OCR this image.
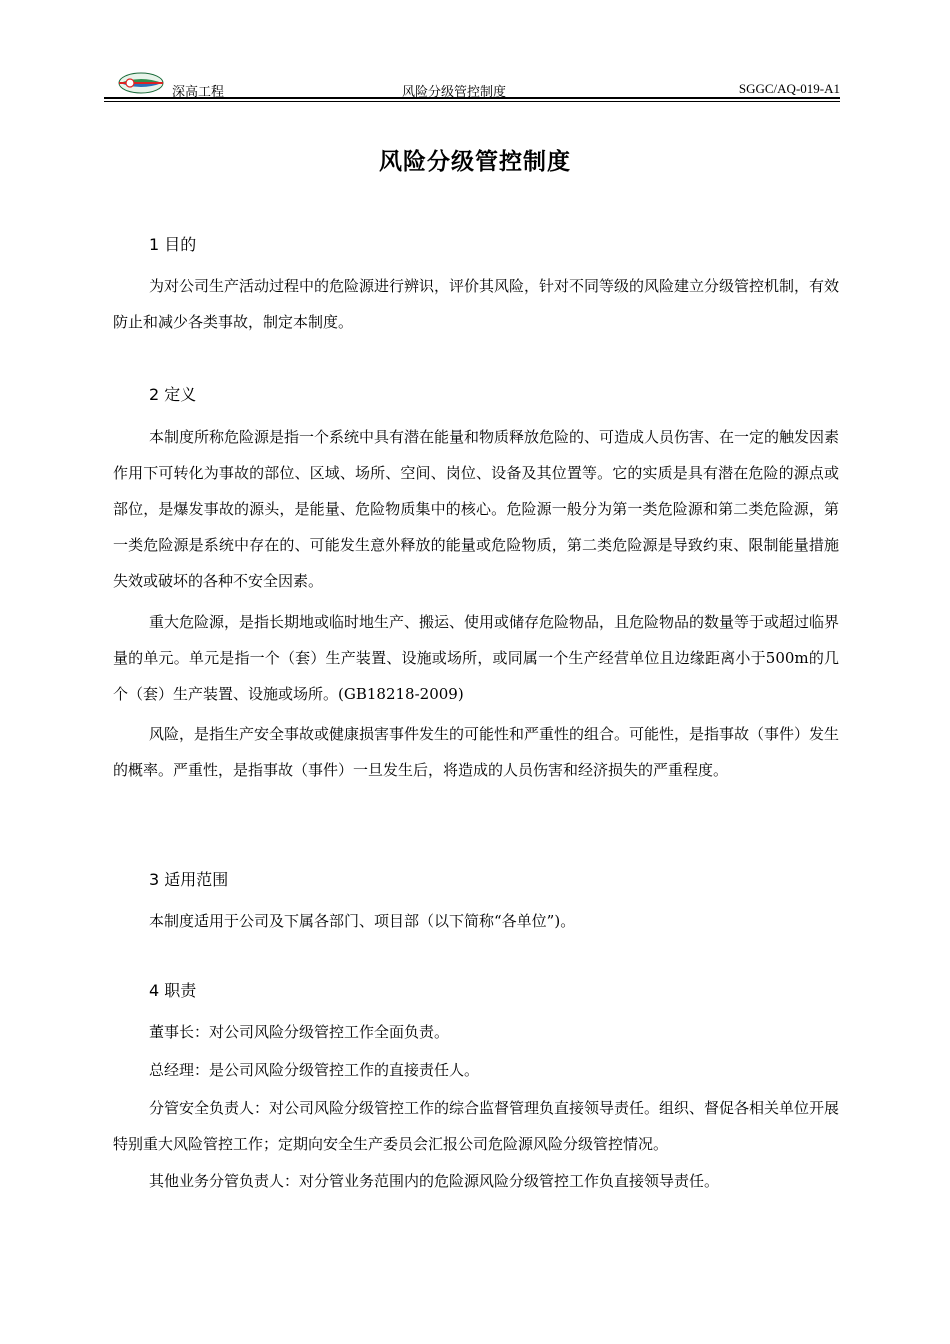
深高工程	风险分级管控制度	SGGC/AQ-019-A1
风险分级管控制度
1 目的

为对公司生产活动过程中的危险源进行辨识，评价其风险，针对不同等级的风险建立分级管控机制，有效防止和减少各类事故，制定本制度。

2 定义

本制度所称危险源是指一个系统中具有潜在能量和物质释放危险的、可造成人员伤害、在一定的触发因素作用下可转化为事故的部位、区域、场所、空间、岗位、设备及其位置等。它的实质是具有潜在危险的源点或部位，是爆发事故的源头，是能量、危险物质集中的核心。危险源一般分为第一类危险源和第二类危险源，第一类危险源是系统中存在的、可能发生意外释放的能量或危险物质，第二类危险源是导致约束、限制能量措施失效或破坏的各种不安全因素。

重大危险源，是指长期地或临时地生产、搬运、使用或储存危险物品，且危险物品的数量等于或超过临界量的单元。单元是指一个（套）生产装置、设施或场所，或同属一个生产经营单位且边缘距离小于500m的几个（套）生产装置、设施或场所。(GB18218-2009)

风险，是指生产安全事故或健康损害事件发生的可能性和严重性的组合。可能性，是指事故（事件）发生的概率。严重性，是指事故（事件）一旦发生后，将造成的人员伤害和经济损失的严重程度。

3 适用范围

本制度适用于公司及下属各部门、项目部（以下简称“各单位”)。

4 职责

董事长：对公司风险分级管控工作全面负责。

总经理：是公司风险分级管控工作的直接责任人。

分管安全负责人：对公司风险分级管控工作的综合监督管理负直接领导责任。组织、督促各相关单位开展特别重大风险管控工作；定期向安全生产委员会汇报公司危险源风险分级管控情况。

其他业务分管负责人：对分管业务范围内的危险源风险分级管控工作负直接领导责任。
